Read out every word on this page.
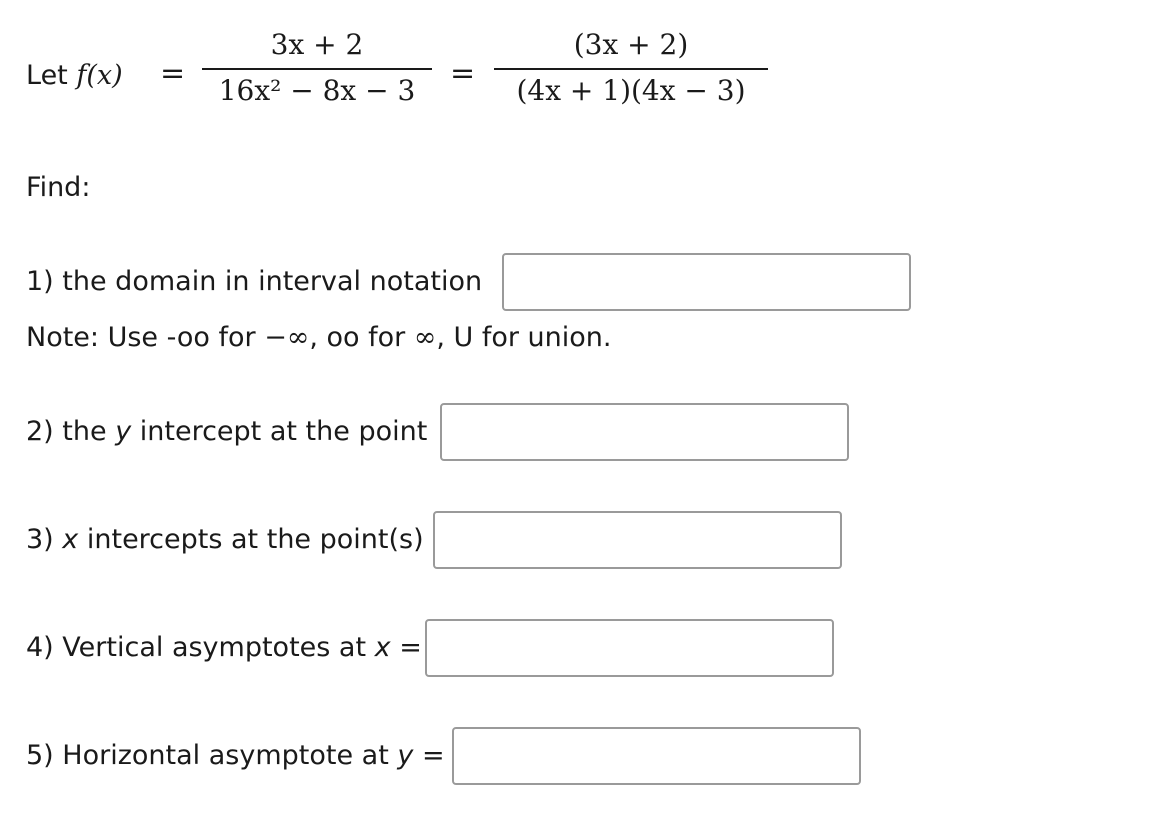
Let f(x) =
3x + 2
16x² − 8x − 3	=
(3x + 2)
(4x + 1)(4x − 3)
Find:
1) the domain in interval notation
Note: Use -oo for −∞, oo for ∞, U for union.
2) the y intercept at the point
3) x intercepts at the point(s)
4) Vertical asymptotes at x =
5) Horizontal asymptote at y =
